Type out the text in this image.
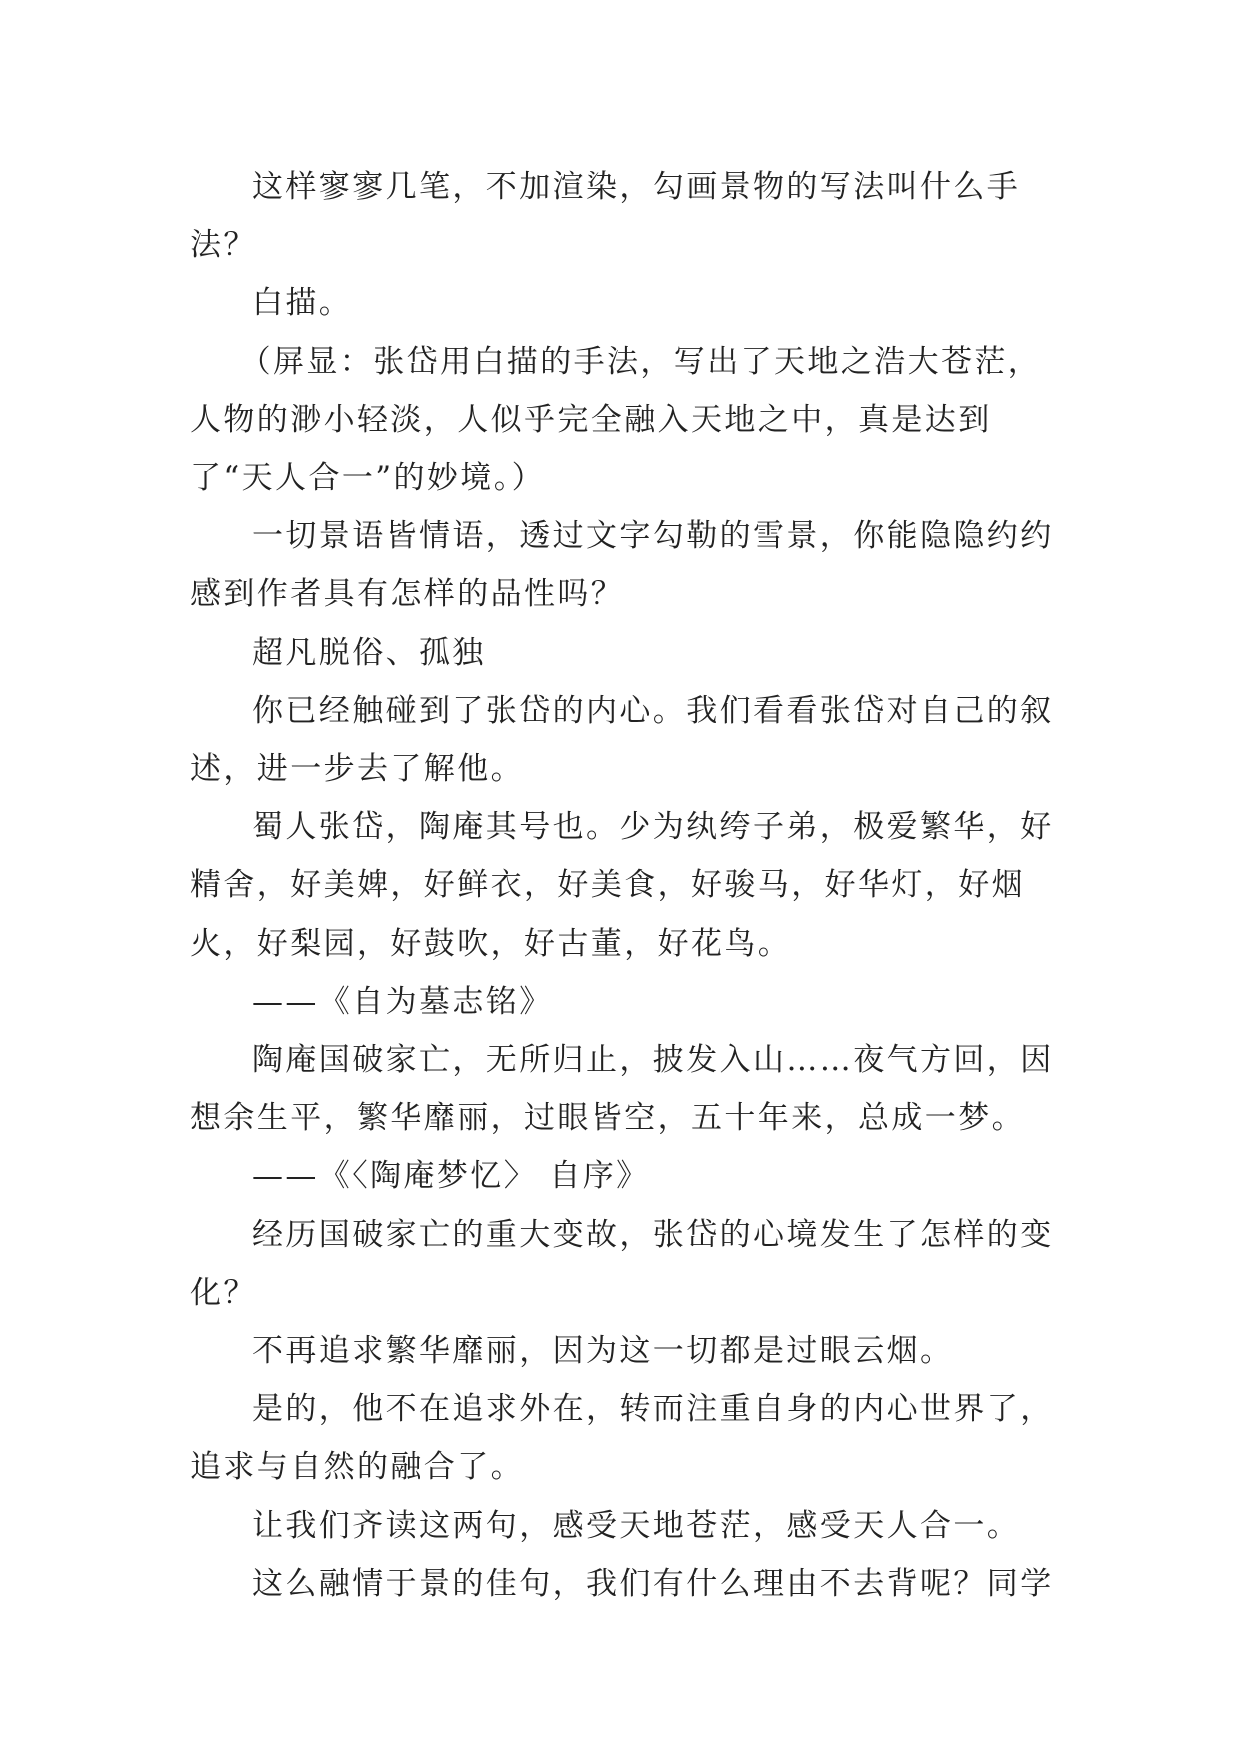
这样寥寥几笔，不加渲染，勾画景物的写法叫什么手法？

白描。

（屏显：张岱用白描的手法，写出了天地之浩大苍茫，人物的渺小轻淡，人似乎完全融入天地之中，真是达到了“天人合一”的妙境。）

一切景语皆情语，透过文字勾勒的雪景，你能隐隐约约感到作者具有怎样的品性吗？

超凡脱俗、孤独

你已经触碰到了张岱的内心。我们看看张岱对自己的叙述，进一步去了解他。

蜀人张岱，陶庵其号也。少为纨绔子弟，极爱繁华，好精舍，好美婢，好鲜衣，好美食，好骏马，好华灯，好烟火，好梨园，好鼓吹，好古董，好花鸟。

——《自为墓志铭》

陶庵国破家亡，无所归止，披发入山……夜气方回，因想余生平，繁华靡丽，过眼皆空，五十年来，总成一梦。

——《〈陶庵梦忆〉 自序》

经历国破家亡的重大变故，张岱的心境发生了怎样的变化？

不再追求繁华靡丽，因为这一切都是过眼云烟。

是的，他不在追求外在，转而注重自身的内心世界了，追求与自然的融合了。

让我们齐读这两句，感受天地苍茫，感受天人合一。

这么融情于景的佳句，我们有什么理由不去背呢？同学
